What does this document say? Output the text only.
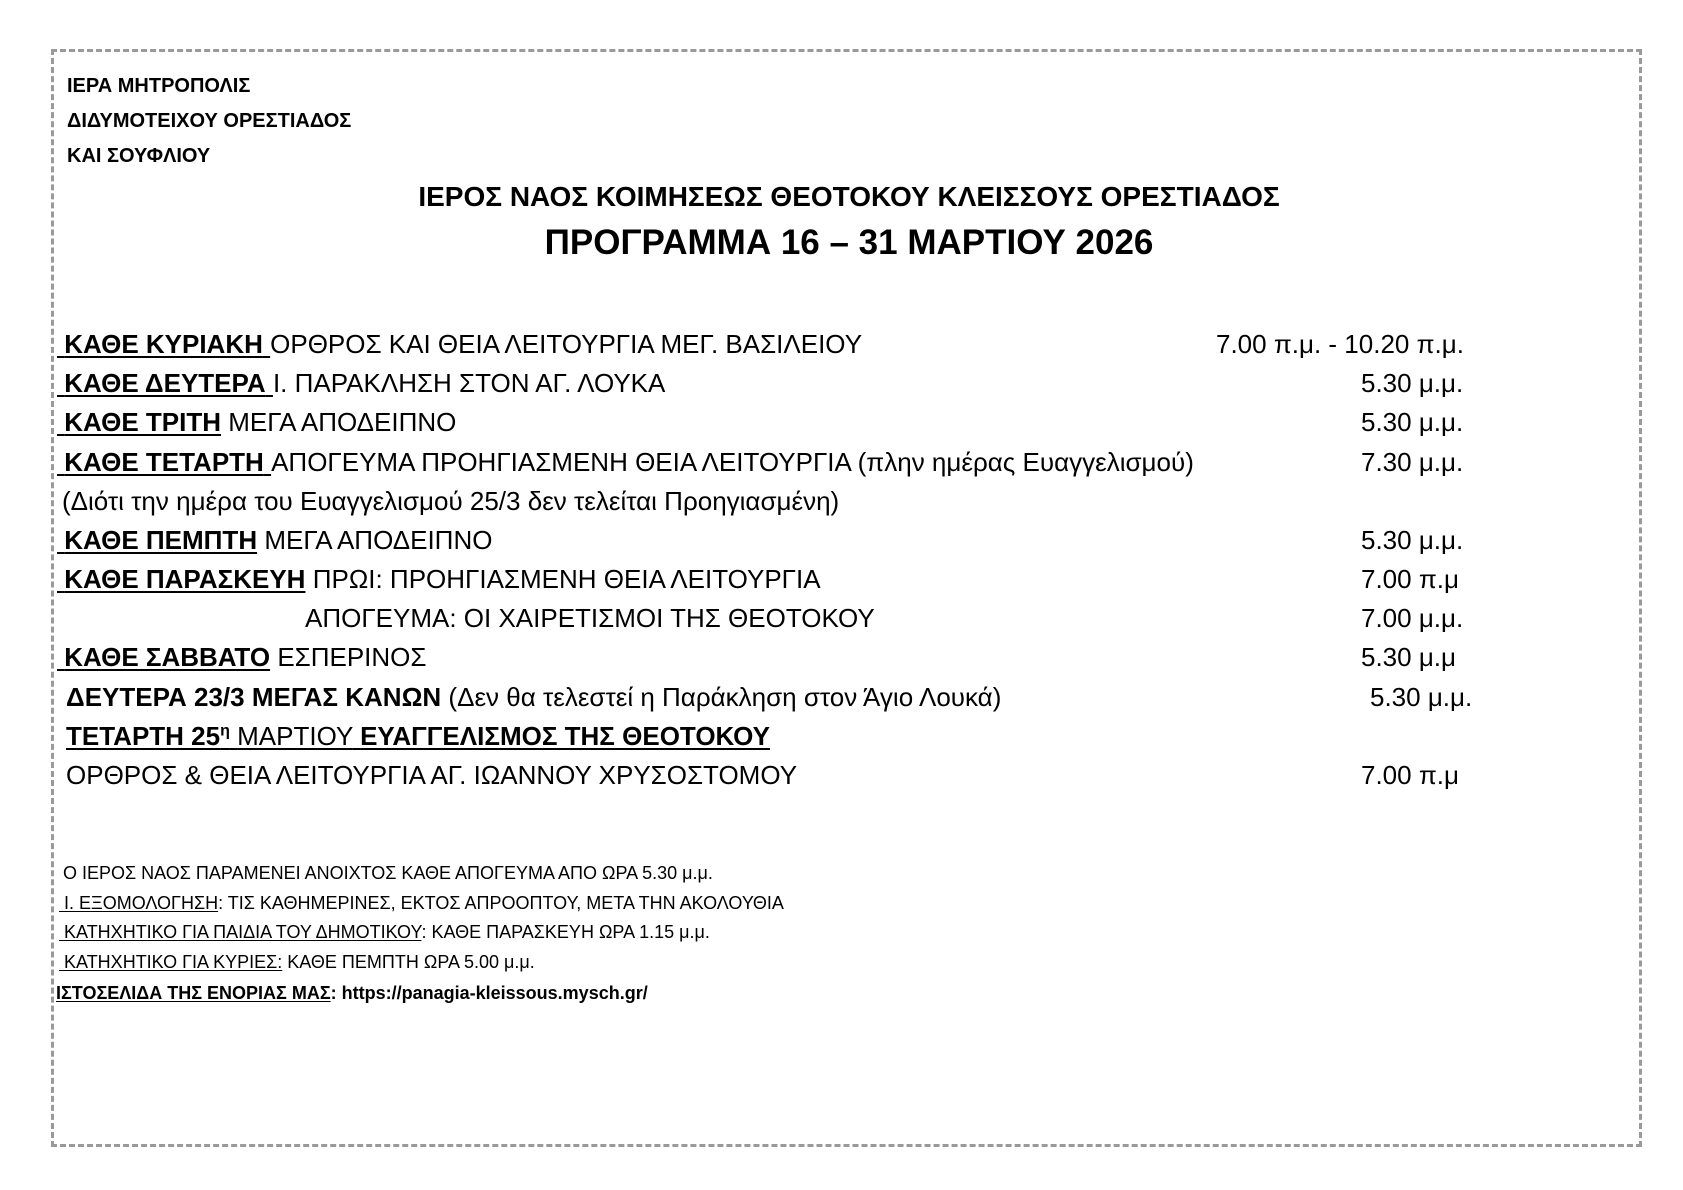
ΙΕΡΑ ΜΗΤΡΟΠΟΛΙΣ
ΔΙΔΥΜΟΤΕΙΧΟΥ ΟΡΕΣΤΙΑΔΟΣ
ΚΑΙ ΣΟΥΦΛΙΟΥ
ΙΕΡΟΣ ΝΑΟΣ ΚΟΙΜΗΣΕΩΣ ΘΕΟΤΟΚΟΥ ΚΛΕΙΣΣΟΥΣ ΟΡΕΣΤΙΑΔΟΣ
ΠΡΟΓΡΑΜΜΑ 16 – 31 ΜΑΡΤΙΟΥ 2026
ΚΑΘΕ ΚΥΡΙΑΚΗ ΟΡΘΡΟΣ ΚΑΙ ΘΕΙΑ ΛΕΙΤΟΥΡΓΙΑ ΜΕΓ. ΒΑΣΙΛΕΙΟΥ	7.00 π.μ. - 10.20 π.μ.
ΚΑΘΕ ΔΕΥΤΕΡΑ Ι. ΠΑΡΑΚΛΗΣΗ ΣΤΟΝ ΑΓ. ΛΟΥΚΑ	5.30 μ.μ.
ΚΑΘΕ ΤΡΙΤΗ ΜΕΓΑ ΑΠΟΔΕΙΠΝΟ	5.30 μ.μ.
ΚΑΘΕ ΤΕΤΑΡΤΗ ΑΠΟΓΕΥΜΑ ΠΡΟΗΓΙΑΣΜΕΝΗ ΘΕΙΑ ΛΕΙΤΟΥΡΓΙΑ (πλην ημέρας Ευαγγελισμού)	7.30 μ.μ.
(Διότι την ημέρα του Ευαγγελισμού 25/3 δεν τελείται Προηγιασμένη)
ΚΑΘΕ ΠΕΜΠΤΗ ΜΕΓΑ ΑΠΟΔΕΙΠΝΟ	5.30 μ.μ.
ΚΑΘΕ ΠΑΡΑΣΚΕΥΗ ΠΡΩΙ: ΠΡΟΗΓΙΑΣΜΕΝΗ ΘΕΙΑ ΛΕΙΤΟΥΡΓΙΑ	7.00 π.μ
ΑΠΟΓΕΥΜΑ: ΟΙ ΧΑΙΡΕΤΙΣΜΟΙ ΤΗΣ ΘΕΟΤΟΚΟΥ	7.00 μ.μ.
ΚΑΘΕ ΣΑΒΒΑΤΟ ΕΣΠΕΡΙΝΟΣ	5.30 μ.μ
ΔΕΥΤΕΡΑ 23/3 ΜΕΓΑΣ ΚΑΝΩΝ (Δεν θα τελεστεί η Παράκληση στον Άγιο Λουκά)	5.30 μ.μ.
ΤΕΤΑΡΤΗ $25^\eta$ ΜΑΡΤΙΟΥ ΕΥΑΓΓΕΛΙΣΜΟΣ ΤΗΣ ΘΕΟΤΟΚΟΥ
ΟΡΘΡΟΣ & ΘΕΙΑ ΛΕΙΤΟΥΡΓΙΑ ΑΓ. ΙΩΑΝΝΟΥ ΧΡΥΣΟΣΤΟΜΟΥ	7.00 π.μ
Ο ΙΕΡΟΣ ΝΑΟΣ ΠΑΡΑΜΕΝΕΙ ΑΝΟΙΧΤΟΣ ΚΑΘΕ ΑΠΟΓΕΥΜΑ ΑΠΟ ΩΡΑ 5.30 μ.μ.
Ι. ΕΞΟΜΟΛΟΓΗΣΗ: ΤΙΣ ΚΑΘΗΜΕΡΙΝΕΣ, ΕΚΤΟΣ ΑΠΡΟΟΠΤΟΥ, ΜΕΤΑ ΤΗΝ ΑΚΟΛΟΥΘΙΑ
ΚΑΤΗΧΗΤΙΚΟ ΓΙΑ ΠΑΙΔΙΑ ΤΟΥ ΔΗΜΟΤΙΚΟΥ: ΚΑΘΕ ΠΑΡΑΣΚΕΥΗ ΩΡΑ 1.15 μ.μ.
ΚΑΤΗΧΗΤΙΚΟ ΓΙΑ ΚΥΡΙΕΣ: ΚΑΘΕ ΠΕΜΠΤΗ ΩΡΑ 5.00 μ.μ.
ΙΣΤΟΣΕΛΙΔΑ ΤΗΣ ΕΝΟΡΙΑΣ ΜΑΣ: https://panagia-kleissous.mysch.gr/
